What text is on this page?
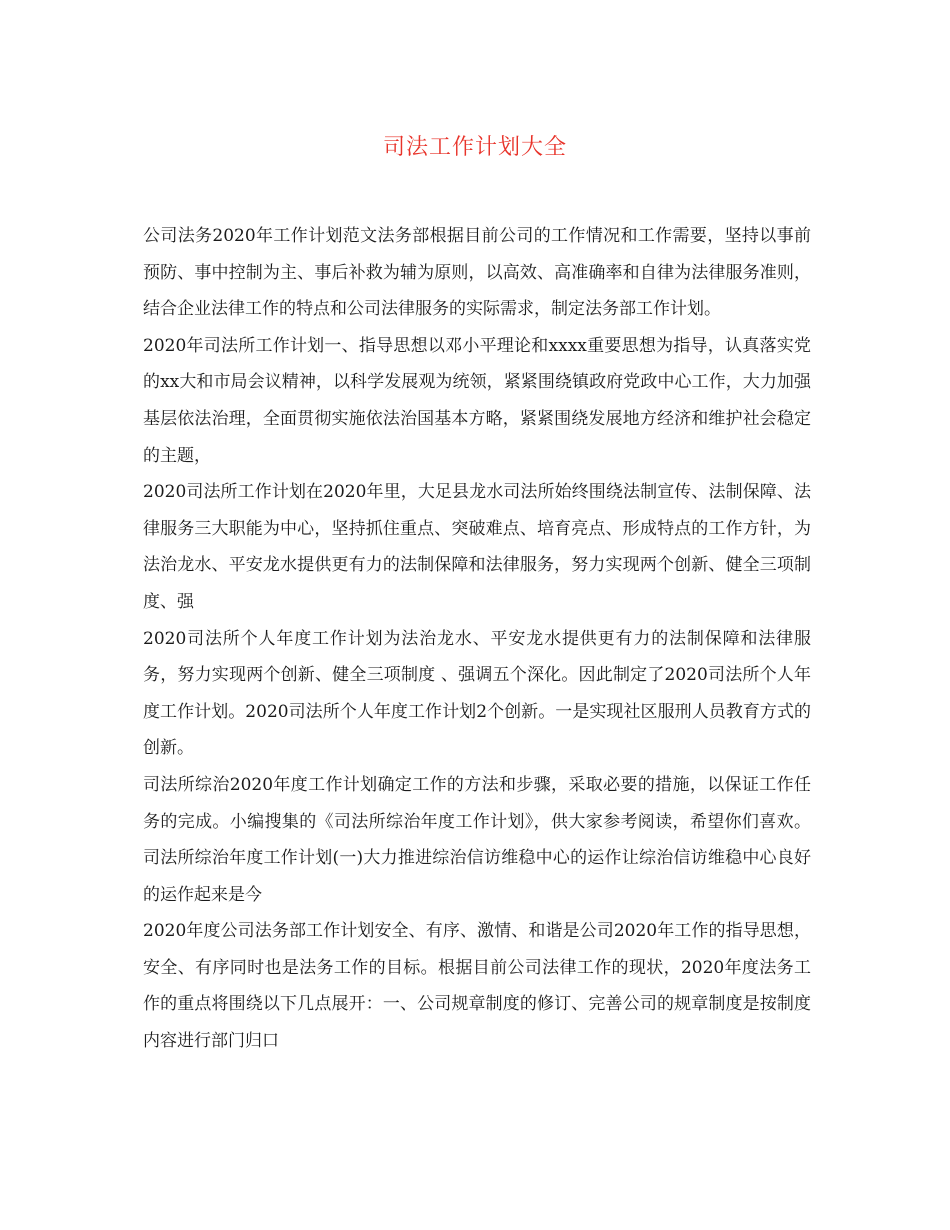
司法工作计划大全

公司法务2020年工作计划范文法务部根据目前公司的工作情况和工作需要，坚持以事前预防、事中控制为主、事后补救为辅为原则，以高效、高准确率和自律为法律服务准则，结合企业法律工作的特点和公司法律服务的实际需求，制定法务部工作计划。

2020年司法所工作计划一、指导思想以邓小平理论和xxxx重要思想为指导，认真落实党的xx大和市局会议精神，以科学发展观为统领，紧紧围绕镇政府党政中心工作，大力加强基层依法治理，全面贯彻实施依法治国基本方略，紧紧围绕发展地方经济和维护社会稳定的主题，

2020司法所工作计划在2020年里，大足县龙水司法所始终围绕法制宣传、法制保障、法律服务三大职能为中心，坚持抓住重点、突破难点、培育亮点、形成特点的工作方针，为法治龙水、平安龙水提供更有力的法制保障和法律服务，努力实现两个创新、健全三项制度、强

2020司法所个人年度工作计划为法治龙水、平安龙水提供更有力的法制保障和法律服务，努力实现两个创新、健全三项制度 、强调五个深化。因此制定了2020司法所个人年度工作计划。2020司法所个人年度工作计划2个创新。一是实现社区服刑人员教育方式的创新。

司法所综治2020年度工作计划确定工作的方法和步骤，采取必要的措施，以保证工作任务的完成。小编搜集的《司法所综治年度工作计划》，供大家参考阅读，希望你们喜欢。司法所综治年度工作计划(一)大力推进综治信访维稳中心的运作让综治信访维稳中心良好的运作起来是今

2020年度公司法务部工作计划安全、有序、激情、和谐是公司2020年工作的指导思想，安全、有序同时也是法务工作的目标。根据目前公司法律工作的现状，2020年度法务工作的重点将围绕以下几点展开：一、公司规章制度的修订、完善公司的规章制度是按制度内容进行部门归口
